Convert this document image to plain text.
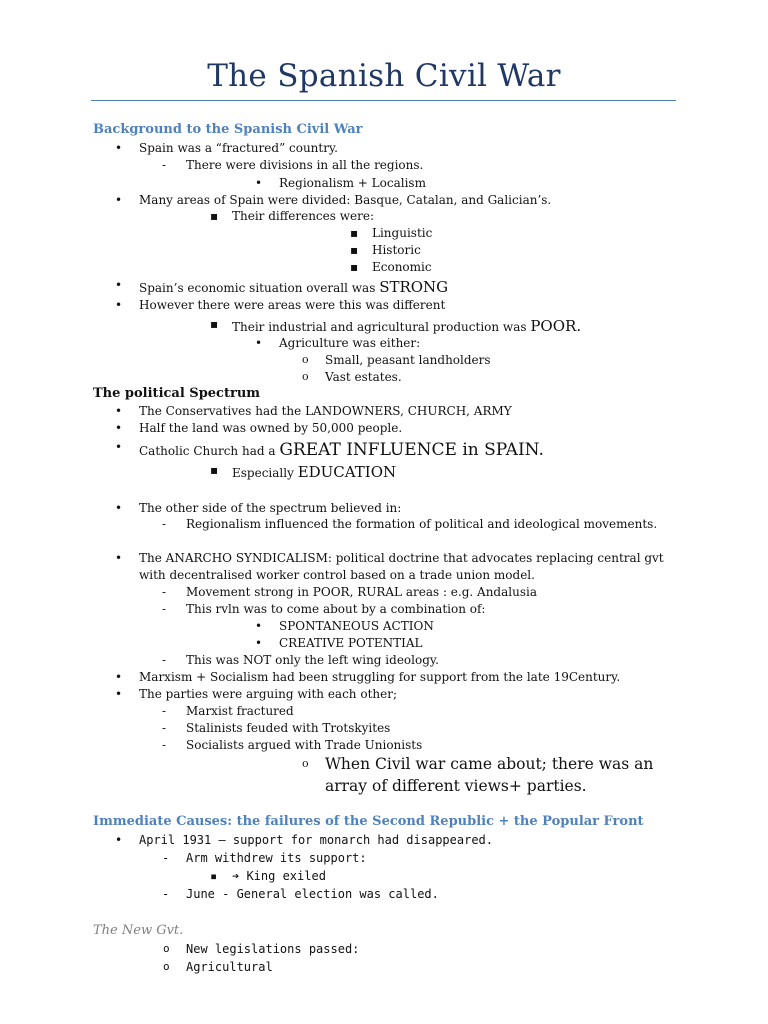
The Spanish Civil War
Background to the Spanish Civil War
• Spain was a “fractured” country.
- There were divisions in all the regions.
• Regionalism + Localism
• Many areas of Spain were divided: Basque, Catalan, and Galician’s.
▪ Their differences were:
▪ Linguistic
▪ Historic
▪ Economic
• Spain’s economic situation overall was STRONG
• However there were areas were this was different
▪ Their industrial and agricultural production was POOR.
• Agriculture was either:
o Small, peasant landholders
o Vast estates.
The political Spectrum
• The Conservatives had the LANDOWNERS, CHURCH, ARMY
• Half the land was owned by 50,000 people.
• Catholic Church had a GREAT INFLUENCE in SPAIN.
▪ Especially EDUCATION
• The other side of the spectrum believed in:
- Regionalism influenced the formation of political and ideological movements.
• The ANARCHO SYNDICALISM: political doctrine that advocates replacing central gvt
with decentralised worker control based on a trade union model.
- Movement strong in POOR, RURAL areas : e.g. Andalusia
- This rvln was to come about by a combination of:
• SPONTANEOUS ACTION
• CREATIVE POTENTIAL
- This was NOT only the left wing ideology.
• Marxism + Socialism had been struggling for support from the late 19Century.
• The parties were arguing with each other;
- Marxist fractured
- Stalinists feuded with Trotskyites
- Socialists argued with Trade Unionists
o When Civil war came about; there was an array of different views+ parties.
Immediate Causes: the failures of the Second Republic + the Popular Front
• April 1931 – support for monarch had disappeared.
- Arm withdrew its support:
▪ ➔ King exiled
- June - General election was called.
The New Gvt.
o New legislations passed:
o Agricultural
